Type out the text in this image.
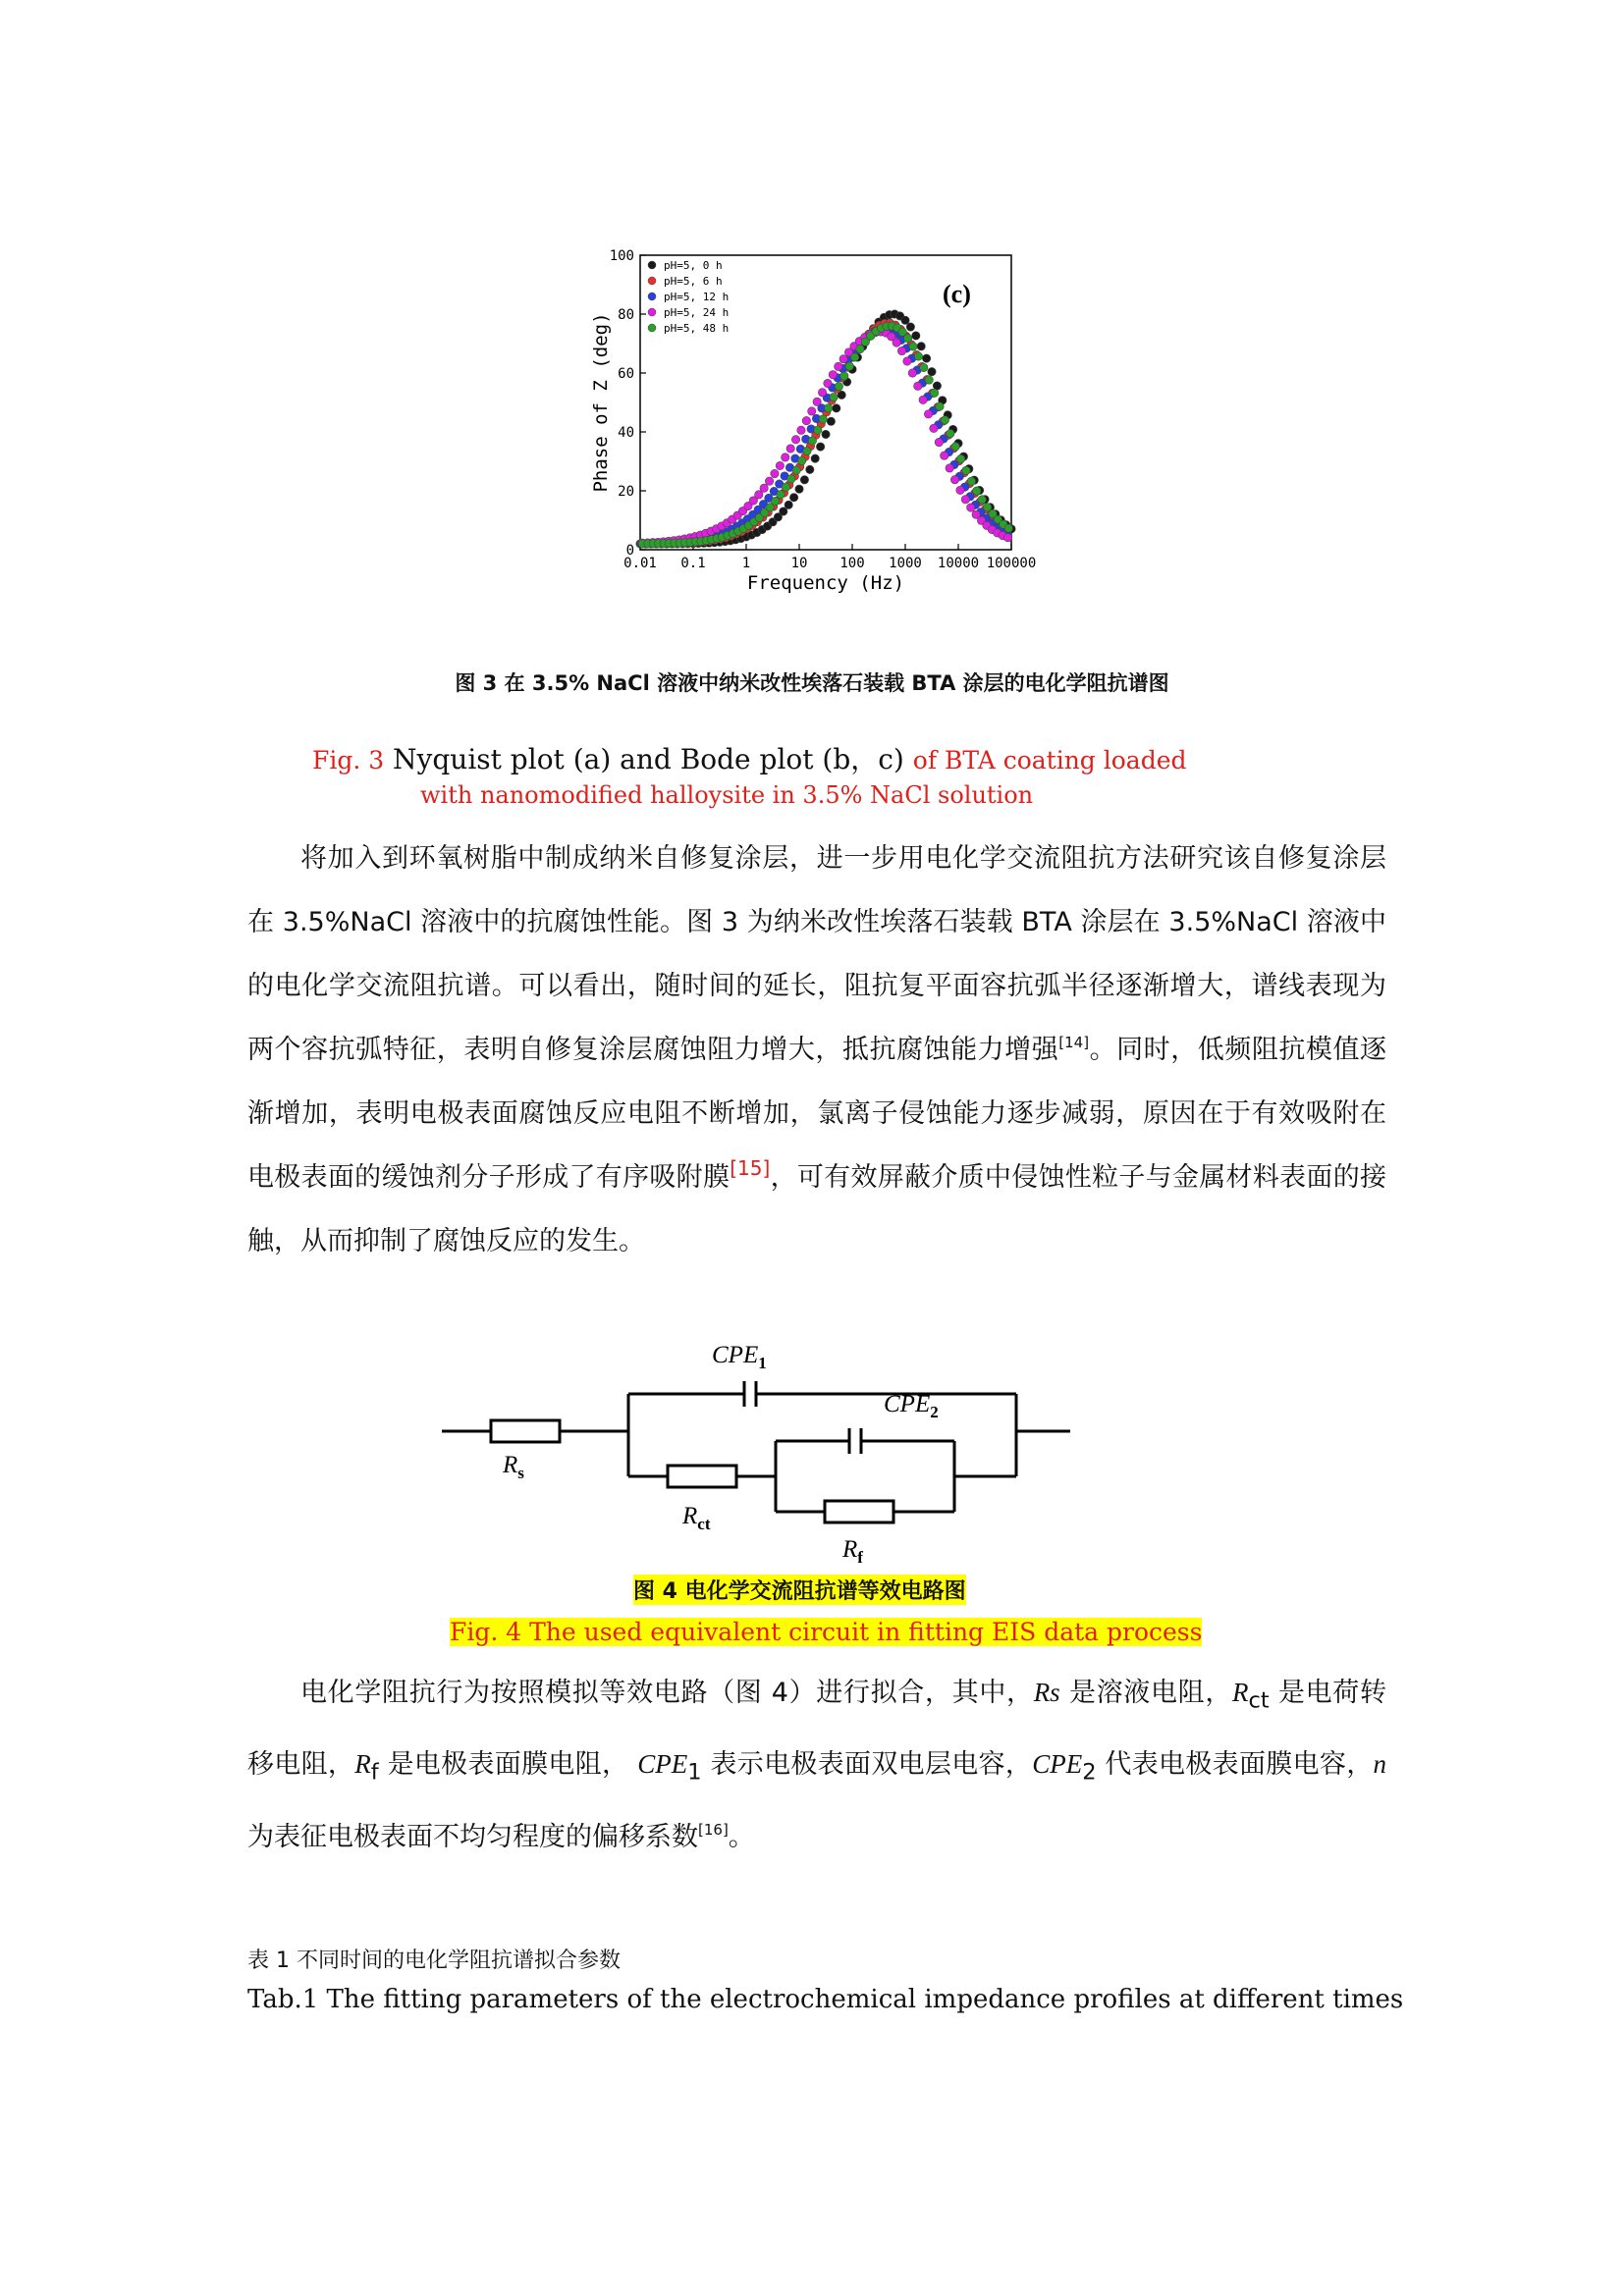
0
20
40
60
80
100
0.01 0.1	1	10 100 1000 10000 100000
pH=5, 0 h
pH=5, 6 h
pH=5, 12 h
pH=5, 24 h
pH=5, 48 h
(c)
Frequency (Hz)
Phase of Z (deg)
图 3 在 3.5% NaCl 溶液中纳米改性埃落石装载 BTA 涂层的电化学阻抗谱图
Fig. 3 Nyquist plot (a) and Bode plot (b，c) of BTA coating loaded
with nanomodified halloysite in 3.5% NaCl solution

将加入到环氧树脂中制成纳米自修复涂层，进一步用电化学交流阻抗方法研究该自修复涂层在 3.5%NaCl 溶液中的抗腐蚀性能。图 3 为纳米改性埃落石装载 BTA 涂层在 3.5%NaCl 溶液中的电化学交流阻抗谱。可以看出，随时间的延长，阻抗复平面容抗弧半径逐渐增大，谱线表现为两个容抗弧特征，表明自修复涂层腐蚀阻力增大，抵抗腐蚀能力增强[14]。同时，低频阻抗模值逐渐增加，表明电极表面腐蚀反应电阻不断增加，氯离子侵蚀能力逐步减弱，原因在于有效吸附在电极表面的缓蚀剂分子形成了有序吸附膜[15]，可有效屏蔽介质中侵蚀性粒子与金属材料表面的接触，从而抑制了腐蚀反应的发生。

$CPE_1$
$CPE_2$
$R_s$
$R_{ct}$
$R_f$
图 4 电化学交流阻抗谱等效电路图
Fig. 4 The used equivalent circuit in fitting EIS data process

电化学阻抗行为按照模拟等效电路（图 4）进行拟合，其中，Rs 是溶液电阻，$R_{ct}$ 是电荷转移电阻，$R_f$ 是电极表面膜电阻， $CPE_1$ 表示电极表面双电层电容，$CPE_2$ 代表电极表面膜电容，n 为表征电极表面不均匀程度的偏移系数[16]。

表 1 不同时间的电化学阻抗谱拟合参数
Tab.1 The fitting parameters of the electrochemical impedance profiles at different times
